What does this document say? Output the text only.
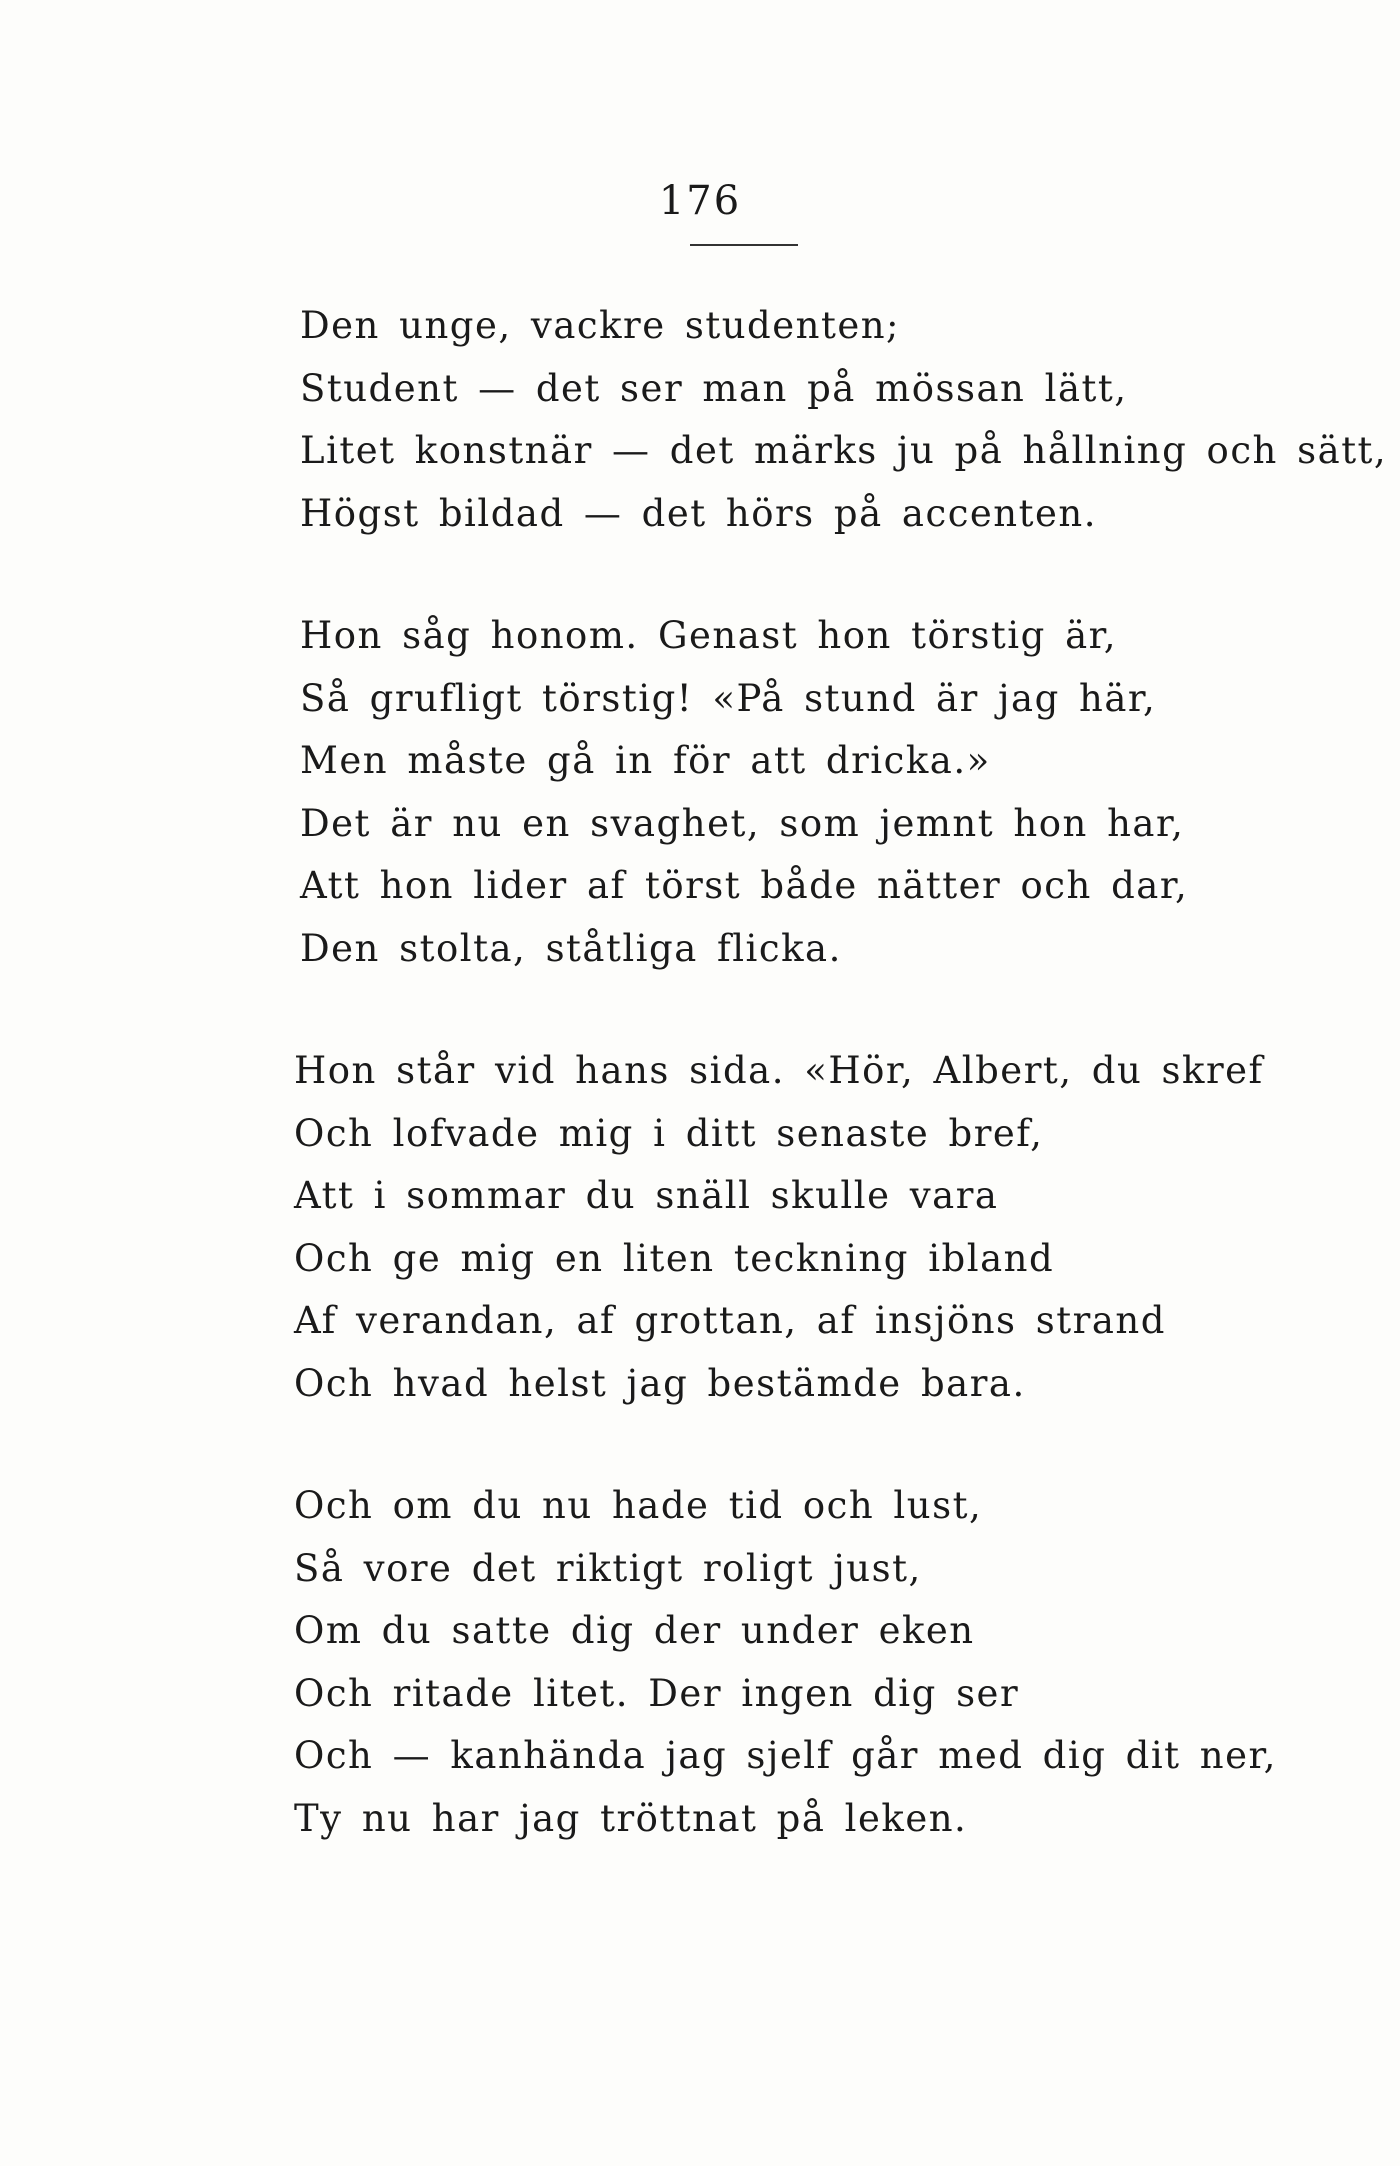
176
Den unge, vackre studenten;
Student — det ser man på mössan lätt,
Litet konstnär — det märks ju på hållning och sätt,
Högst bildad — det hörs på accenten.
Hon såg honom. Genast hon törstig är,
Så grufligt törstig! «På stund är jag här,
Men måste gå in för att dricka.»
Det är nu en svaghet, som jemnt hon har,
Att hon lider af törst både nätter och dar,
Den stolta, ståtliga flicka.
Hon står vid hans sida. «Hör, Albert, du skref
Och lofvade mig i ditt senaste bref,
Att i sommar du snäll skulle vara
Och ge mig en liten teckning ibland
Af verandan, af grottan, af insjöns strand
Och hvad helst jag bestämde bara.
Och om du nu hade tid och lust,
Så vore det riktigt roligt just,
Om du satte dig der under eken
Och ritade litet. Der ingen dig ser
Och — kanhända jag sjelf går med dig dit ner,
Ty nu har jag tröttnat på leken.
